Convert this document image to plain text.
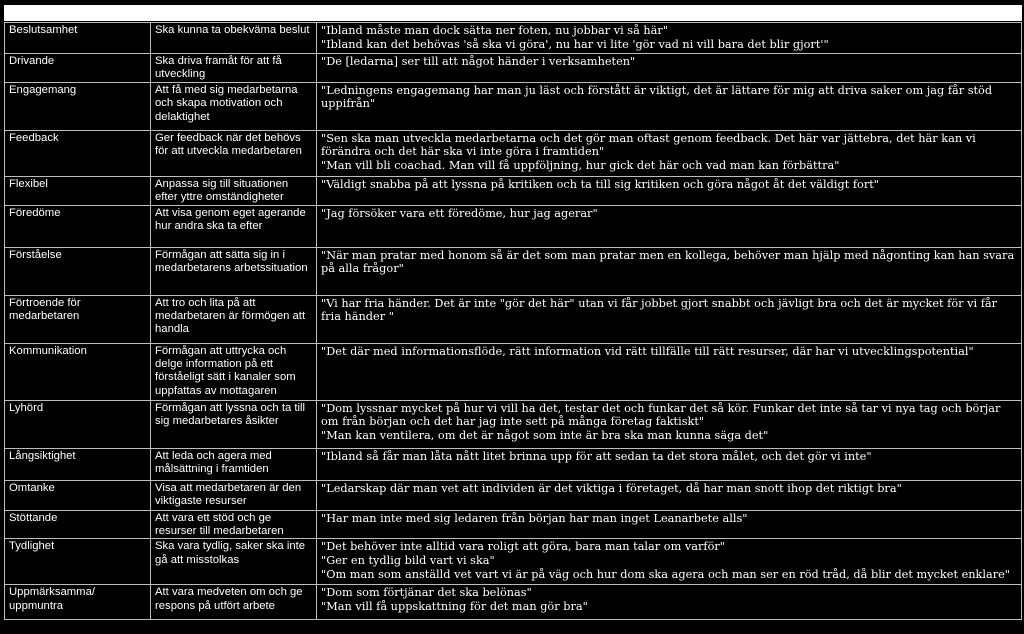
Beslutsamhet	Ska kunna ta obekväma beslut	"Ibland måste man dock sätta ner foten, nu jobbar vi så här"
"Ibland kan det behövas 'så ska vi göra', nu har vi lite 'gör vad ni vill bara det blir gjort'"

Drivande	Ska driva framåt för att få utveckling	"De [ledarna] ser till att något händer i verksamheten"

Engagemang	Att få med sig medarbetarna och skapa motivation och delaktighet	"Ledningens engagemang har man ju läst och förstått är viktigt, det är lättare för mig att driva saker om jag får stöd uppifrån"

Feedback	Ger feedback när det behövs för att utveckla medarbetaren	"Sen ska man utveckla medarbetarna och det gör man oftast genom feedback. Det här var jättebra, det här kan vi förändra och det här ska vi inte göra i framtiden"
"Man vill bli coachad. Man vill få uppföljning, hur gick det här och vad man kan förbättra"

Flexibel	Anpassa sig till situationen efter yttre omständigheter	"Väldigt snabba på att lyssna på kritiken och ta till sig kritiken och göra något åt det väldigt fort"

Föredöme	Att visa genom eget agerande hur andra ska ta efter	"Jag försöker vara ett föredöme, hur jag agerar"

Förståelse	Förmågan att sätta sig in i medarbetarens arbetssituation	"När man pratar med honom så är det som man pratar men en kollega, behöver man hjälp med någonting kan han svara på alla frågor"

Förtroende för medarbetaren	Att tro och lita på att medarbetaren är förmögen att handla	"Vi har fria händer. Det är inte "gör det här" utan vi får jobbet gjort snabbt och jävligt bra och det är mycket för vi får fria händer "

Kommunikation	Förmågan att uttrycka och delge information på ett förståeligt sätt i kanaler som uppfattas av mottagaren	"Det där med informationsflöde, rätt information vid rätt tillfälle till rätt resurser, där har vi utvecklingspotential"

Lyhörd	Förmågan att lyssna och ta till sig medarbetares åsikter	"Dom lyssnar mycket på hur vi vill ha det, testar det och funkar det så kör. Funkar det inte så tar vi nya tag och börjar om från början och det har jag inte sett på många företag faktiskt"
"Man kan ventilera, om det är något som inte är bra ska man kunna säga det"

Långsiktighet	Att leda och agera med målsättning i framtiden	"Ibland så får man låta nått litet brinna upp för att sedan ta det stora målet, och det gör vi inte"

Omtanke	Visa att medarbetaren är den viktigaste resurser	"Ledarskap där man vet att individen är det viktiga i företaget, då har man snott ihop det riktigt bra"

Stöttande	Att vara ett stöd och ge resurser till medarbetaren	"Har man inte med sig ledaren från början har man inget Leanarbete alls"

Tydlighet	Ska vara tydlig, saker ska inte gå att misstolkas	"Det behöver inte alltid vara roligt att göra, bara man talar om varför"
"Ger en tydlig bild vart vi ska"
"Om man som anställd vet vart vi är på väg och hur dom ska agera och man ser en röd tråd, då blir det mycket enklare"

Uppmärksamma/ uppmuntra	Att vara medveten om och ge respons på utfört arbete	"Dom som förtjänar det ska belönas"
"Man vill få uppskattning för det man gör bra"
